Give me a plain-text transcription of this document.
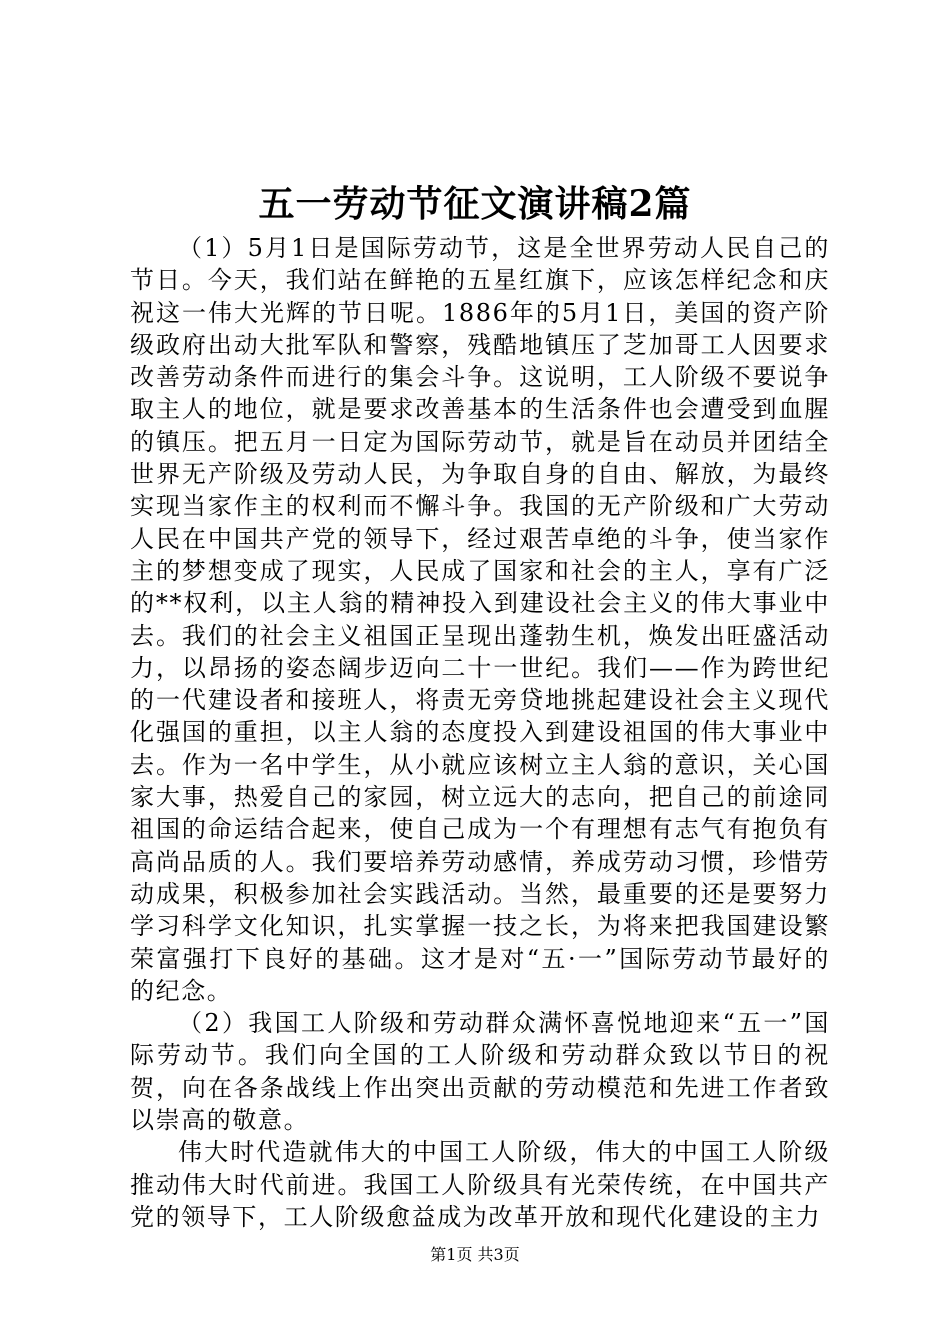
五一劳动节征文演讲稿2篇

（1）5月1日是国际劳动节，这是全世界劳动人民自己的节日。今天，我们站在鲜艳的五星红旗下，应该怎样纪念和庆祝这一伟大光辉的节日呢。1886年的5月1日，美国的资产阶级政府出动大批军队和警察，残酷地镇压了芝加哥工人因要求改善劳动条件而进行的集会斗争。这说明，工人阶级不要说争取主人的地位，就是要求改善基本的生活条件也会遭受到血腥的镇压。把五月一日定为国际劳动节，就是旨在动员并团结全世界无产阶级及劳动人民，为争取自身的自由、解放，为最终实现当家作主的权利而不懈斗争。我国的无产阶级和广大劳动人民在中国共产党的领导下，经过艰苦卓绝的斗争，使当家作主的梦想变成了现实，人民成了国家和社会的主人，享有广泛的**权利，以主人翁的精神投入到建设社会主义的伟大事业中去。我们的社会主义祖国正呈现出蓬勃生机，焕发出旺盛活动力，以昂扬的姿态阔步迈向二十一世纪。我们——作为跨世纪的一代建设者和接班人，将责无旁贷地挑起建设社会主义现代化强国的重担，以主人翁的态度投入到建设祖国的伟大事业中去。作为一名中学生，从小就应该树立主人翁的意识，关心国家大事，热爱自己的家园，树立远大的志向，把自己的前途同祖国的命运结合起来，使自己成为一个有理想有志气有抱负有高尚品质的人。我们要培养劳动感情，养成劳动习惯，珍惜劳动成果，积极参加社会实践活动。当然，最重要的还是要努力学习科学文化知识，扎实掌握一技之长，为将来把我国建设繁荣富强打下良好的基础。这才是对“五·一”国际劳动节最好的的纪念。

（2）我国工人阶级和劳动群众满怀喜悦地迎来“五一”国际劳动节。我们向全国的工人阶级和劳动群众致以节日的祝贺，向在各条战线上作出突出贡献的劳动模范和先进工作者致以崇高的敬意。

伟大时代造就伟大的中国工人阶级，伟大的中国工人阶级推动伟大时代前进。我国工人阶级具有光荣传统，在中国共产党的领导下，工人阶级愈益成为改革开放和现代化建设的主力

第1页 共3页
